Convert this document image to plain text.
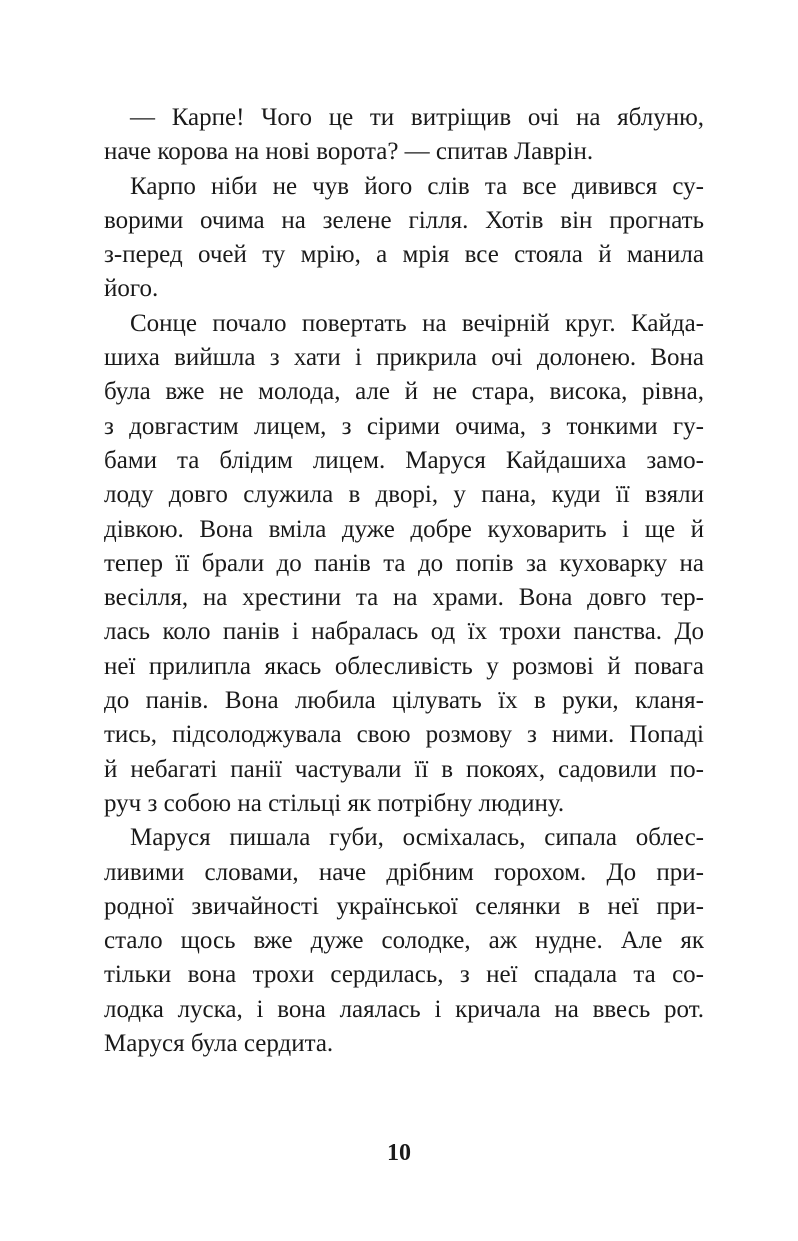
— Карпе! Чого це ти витріщив очі на яблуню,
наче корова на нові ворота? — спитав Лаврін.
Карпо ніби не чув його слів та все дивився су-
ворими очима на зелене гілля. Хотів він прогнать
з-перед очей ту мрію, а мрія все стояла й манила
його.
Сонце почало повертать на вечірній круг. Кайда-
шиха вийшла з хати і прикрила очі долонею. Вона
була вже не молода, але й не стара, висока, рівна,
з довгастим лицем, з сірими очима, з тонкими гу-
бами та блідим лицем. Маруся Кайдашиха замо-
лоду довго служила в дворі, у пана, куди її взяли
дівкою. Вона вміла дуже добре куховарить і ще й
тепер її брали до панів та до попів за куховарку на
весілля, на хрестини та на храми. Вона довго тер-
лась коло панів і набралась од їх трохи панства. До
неї прилипла якась облесливість у розмові й повага
до панів. Вона любила цілувать їх в руки, кланя-
тись, підсолоджувала свою розмову з ними. Попаді
й небагаті панії частували її в покоях, садовили по-
руч з собою на стільці як потрібну людину.
Маруся пишала губи, осміхалась, сипала облес-
ливими словами, наче дрібним горохом. До при-
родної звичайності української селянки в неї при-
стало щось вже дуже солодке, аж нудне. Але як
тільки вона трохи сердилась, з неї спадала та со-
лодка луска, і вона лаялась і кричала на ввесь рот.
Маруся була сердита.
10
